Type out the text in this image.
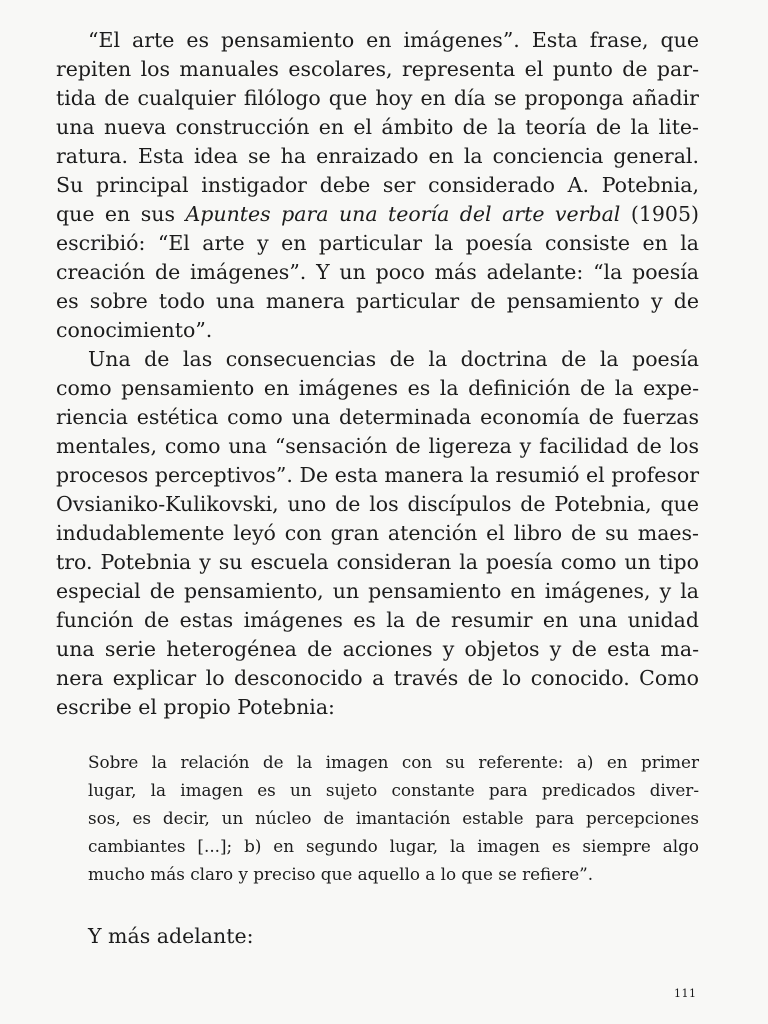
“El arte es pensamiento en imágenes”. Esta frase, que
repiten los manuales escolares, representa el punto de par-
tida de cualquier filólogo que hoy en día se proponga añadir
una nueva construcción en el ámbito de la teoría de la lite-
ratura. Esta idea se ha enraizado en la conciencia general.
Su principal instigador debe ser considerado A. Potebnia,
que en sus Apuntes para una teoría del arte verbal (1905)
escribió: “El arte y en particular la poesía consiste en la
creación de imágenes”. Y un poco más adelante: “la poesía
es sobre todo una manera particular de pensamiento y de
conocimiento”.
Una de las consecuencias de la doctrina de la poesía
como pensamiento en imágenes es la definición de la expe-
riencia estética como una determinada economía de fuerzas
mentales, como una “sensación de ligereza y facilidad de los
procesos perceptivos”. De esta manera la resumió el profesor
Ovsianiko-Kulikovski, uno de los discípulos de Potebnia, que
indudablemente leyó con gran atención el libro de su maes-
tro. Potebnia y su escuela consideran la poesía como un tipo
especial de pensamiento, un pensamiento en imágenes, y la
función de estas imágenes es la de resumir en una unidad
una serie heterogénea de acciones y objetos y de esta ma-
nera explicar lo desconocido a través de lo conocido. Como
escribe el propio Potebnia:
Sobre la relación de la imagen con su referente: a) en primer
lugar, la imagen es un sujeto constante para predicados diver-
sos, es decir, un núcleo de imantación estable para percepciones
cambiantes [...]; b) en segundo lugar, la imagen es siempre algo
mucho más claro y preciso que aquello a lo que se refiere”.
Y más adelante:
111
